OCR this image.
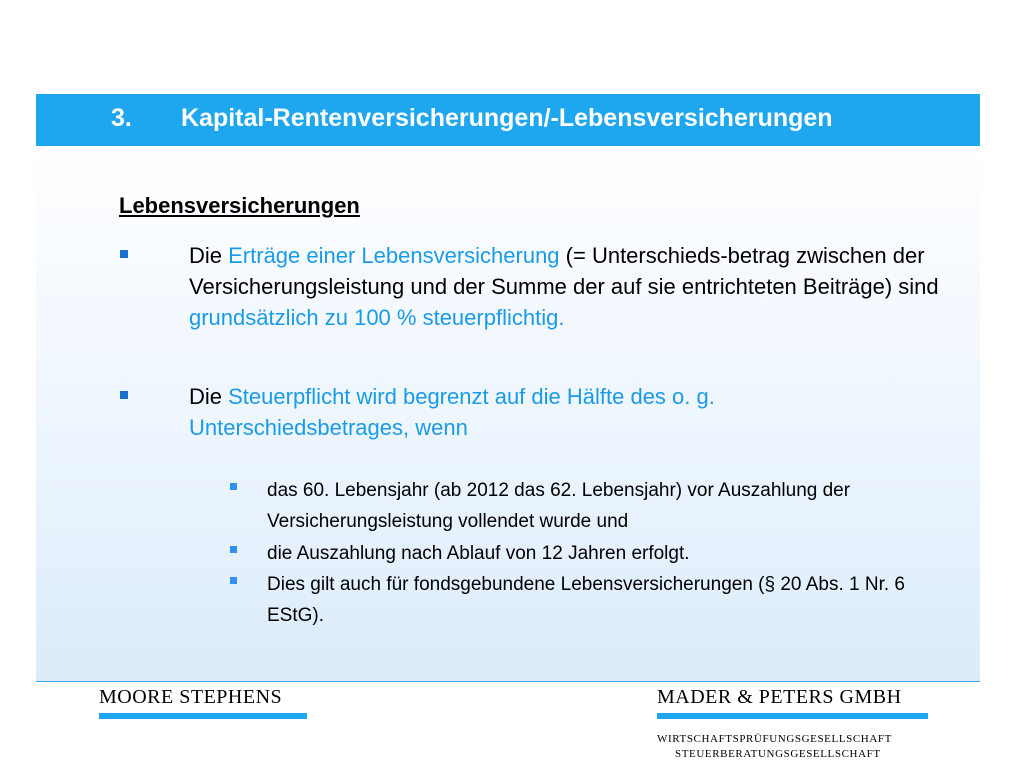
3. Kapital-Rentenversicherungen/-Lebensversicherungen
Lebensversicherungen
Die Erträge einer Lebensversicherung (= Unterschieds-betrag zwischen der Versicherungsleistung und der Summe der auf sie entrichteten Beiträge) sind grundsätzlich zu 100 % steuerpflichtig.
Die Steuerpflicht wird begrenzt auf die Hälfte des o. g. Unterschiedsbetrages, wenn
das 60. Lebensjahr (ab 2012 das 62. Lebensjahr) vor Auszahlung der Versicherungsleistung vollendet wurde und
die Auszahlung nach Ablauf von 12 Jahren erfolgt.
Dies gilt auch für fondsgebundene Lebensversicherungen (§ 20 Abs. 1 Nr. 6 EStG).
MOORE STEPHENS	MADER & PETERS GMBH
WIRTSCHAFTSPRÜFUNGSGESELLSCHAFT
STEUERBERATUNGSGESELLSCHAFT
